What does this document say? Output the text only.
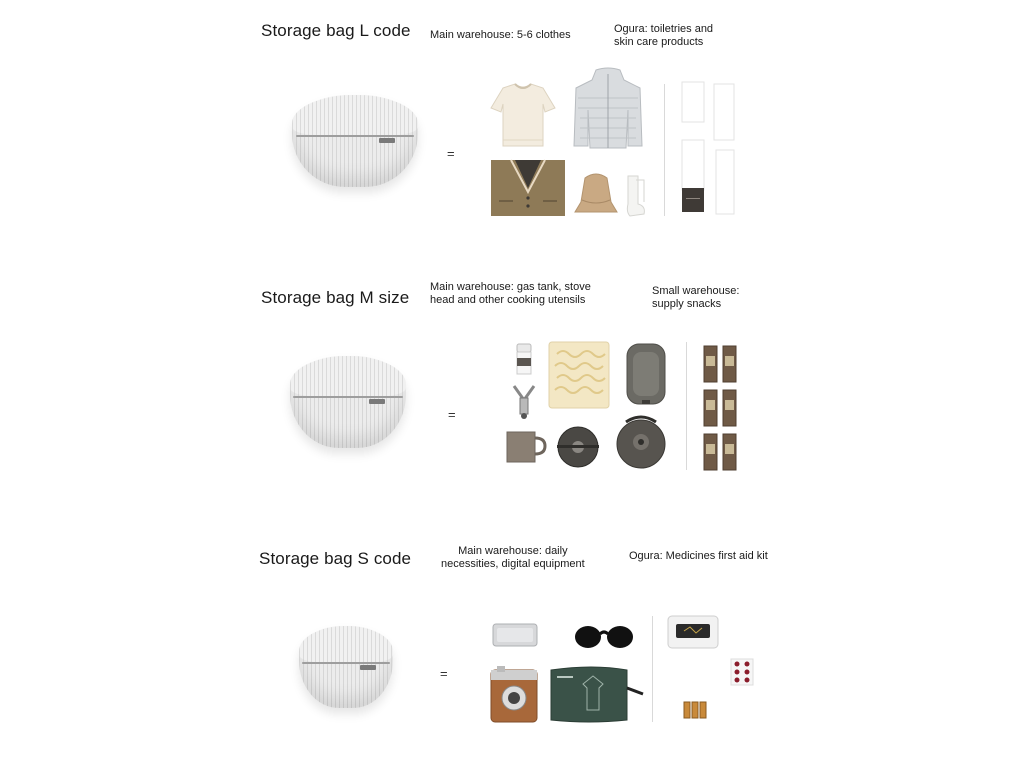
Storage bag L code Main warehouse: 5-6 clothes	Ogura: toiletries and
skin care products
=
Storage bag M size
Main warehouse: gas tank, stove
head and other cooking utensils
Small warehouse:
supply snacks
=
Storage bag S code	Main warehouse: daily
necessities, digital equipment
Ogura: Medicines first aid kit
=
